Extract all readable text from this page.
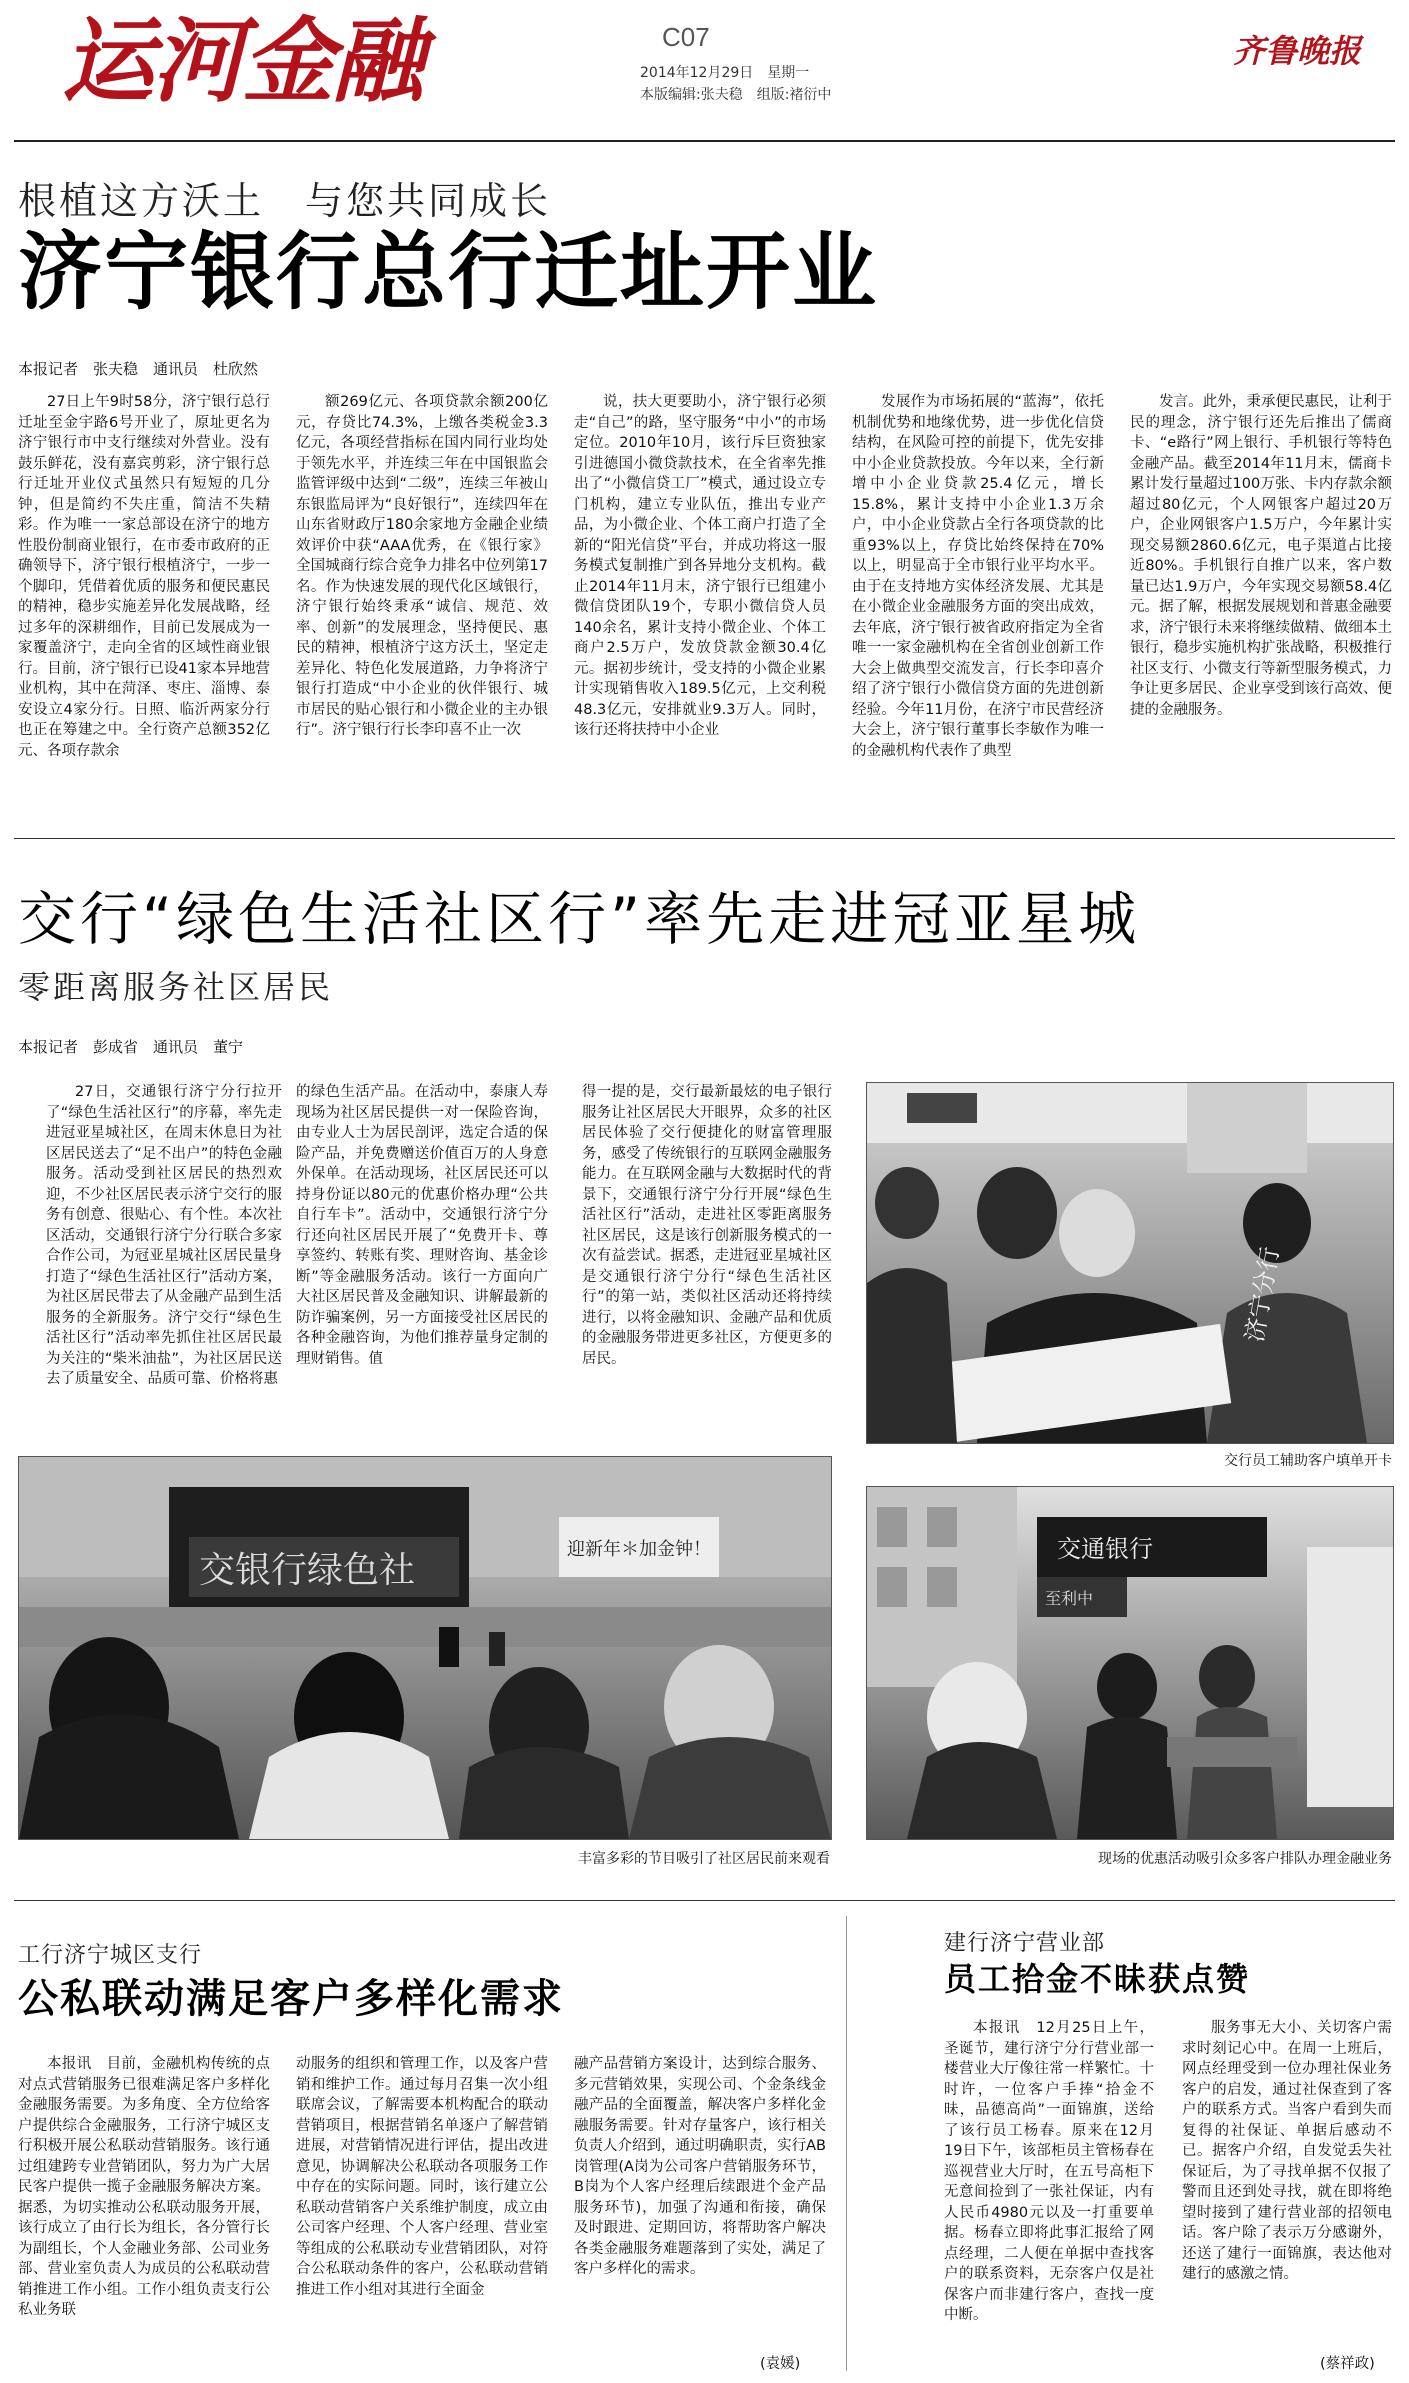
运河金融	C07
2014年12月29日　星期一
本版编辑:张夫稳　组版:褚衍中
齐鲁晚报
根植这方沃土　与您共同成长
济宁银行总行迁址开业
本报记者　张夫稳　通讯员　杜欣然

27日上午9时58分，济宁银行总行迁址至金宇路6号开业了，原址更名为济宁银行市中支行继续对外营业。没有鼓乐鲜花，没有嘉宾剪彩，济宁银行总行迁址开业仪式虽然只有短短的几分钟，但是简约不失庄重，简洁不失精彩。作为唯一一家总部设在济宁的地方性股份制商业银行，在市委市政府的正确领导下，济宁银行根植济宁，一步一个脚印，凭借着优质的服务和便民惠民的精神，稳步实施差异化发展战略，经过多年的深耕细作，目前已发展成为一家覆盖济宁，走向全省的区域性商业银行。目前，济宁银行已设41家本异地营业机构，其中在菏泽、枣庄、淄博、泰安设立4家分行。日照、临沂两家分行也正在筹建之中。全行资产总额352亿元、各项存款余

额269亿元、各项贷款余额200亿元，存贷比74.3%，上缴各类税金3.3亿元，各项经营指标在国内同行业均处于领先水平，并连续三年在中国银监会监管评级中达到“二级”，连续三年被山东银监局评为“良好银行”，连续四年在山东省财政厅180余家地方金融企业绩效评价中获“AAA优秀，在《银行家》全国城商行综合竞争力排名中位列第17名。作为快速发展的现代化区域银行，济宁银行始终秉承“诚信、规范、效率、创新”的发展理念，坚持便民、惠民的精神，根植济宁这方沃土，坚定走差异化、特色化发展道路，力争将济宁银行打造成“中小企业的伙伴银行、城市居民的贴心银行和小微企业的主办银行”。济宁银行行长李印喜不止一次

说，扶大更要助小，济宁银行必须走“自己”的路，坚守服务“中小”的市场定位。2010年10月，该行斥巨资独家引进德国小微贷款技术，在全省率先推出了“小微信贷工厂”模式，通过设立专门机构，建立专业队伍，推出专业产品，为小微企业、个体工商户打造了全新的“阳光信贷”平台，并成功将这一服务模式复制推广到各异地分支机构。截止2014年11月末，济宁银行已组建小微信贷团队19个，专职小微信贷人员140余名，累计支持小微企业、个体工商户2.5万户，发放贷款金额30.4亿元。据初步统计，受支持的小微企业累计实现销售收入189.5亿元，上交利税48.3亿元，安排就业9.3万人。同时，该行还将扶持中小企业

发展作为市场拓展的“蓝海”，依托机制优势和地缘优势，进一步优化信贷结构，在风险可控的前提下，优先安排中小企业贷款投放。今年以来，全行新增中小企业贷款25.4亿元，增长15.8%，累计支持中小企业1.3万余户，中小企业贷款占全行各项贷款的比重93%以上，存贷比始终保持在70%以上，明显高于全市银行业平均水平。由于在支持地方实体经济发展、尤其是在小微企业金融服务方面的突出成效，去年底，济宁银行被省政府指定为全省唯一一家金融机构在全省创业创新工作大会上做典型交流发言，行长李印喜介绍了济宁银行小微信贷方面的先进创新经验。今年11月份，在济宁市民营经济大会上，济宁银行董事长李敏作为唯一的金融机构代表作了典型

发言。此外，秉承便民惠民，让利于民的理念，济宁银行还先后推出了儒商卡、“e路行”网上银行、手机银行等特色金融产品。截至2014年11月末，儒商卡累计发行量超过100万张、卡内存款余额超过80亿元，个人网银客户超过20万户，企业网银客户1.5万户，今年累计实现交易额2860.6亿元，电子渠道占比接近80%。手机银行自推广以来，客户数量已达1.9万户，今年实现交易额58.4亿元。据了解，根据发展规划和普惠金融要求，济宁银行未来将继续做精、做细本土银行，稳步实施机构扩张战略，积极推行社区支行、小微支行等新型服务模式，力争让更多居民、企业享受到该行高效、便捷的金融服务。

交行“绿色生活社区行”率先走进冠亚星城
零距离服务社区居民
本报记者　彭成省　通讯员　董宁

27日，交通银行济宁分行拉开了“绿色生活社区行”的序幕，率先走进冠亚星城社区，在周末休息日为社区居民送去了“足不出户”的特色金融服务。活动受到社区居民的热烈欢迎，不少社区居民表示济宁交行的服务有创意、很贴心、有个性。本次社区活动，交通银行济宁分行联合多家合作公司，为冠亚星城社区居民量身打造了“绿色生活社区行”活动方案，为社区居民带去了从金融产品到生活服务的全新服务。济宁交行“绿色生活社区行”活动率先抓住社区居民最为关注的“柴米油盐”，为社区居民送去了质量安全、品质可靠、价格将惠

的绿色生活产品。在活动中，泰康人寿现场为社区居民提供一对一保险咨询，由专业人士为居民剖评，选定合适的保险产品，并免费赠送价值百万的人身意外保单。在活动现场，社区居民还可以持身份证以80元的优惠价格办理“公共自行车卡”。活动中，交通银行济宁分行还向社区居民开展了“免费开卡、尊享签约、转账有奖、理财咨询、基金诊断”等金融服务活动。该行一方面向广大社区居民普及金融知识、讲解最新的防诈骗案例，另一方面接受社区居民的各种金融咨询，为他们推荐量身定制的理财销售。值

得一提的是，交行最新最炫的电子银行服务让社区居民大开眼界，众多的社区居民体验了交行便捷化的财富管理服务，感受了传统银行的互联网金融服务能力。在互联网金融与大数据时代的背景下，交通银行济宁分行开展“绿色生活社区行”活动，走进社区零距离服务社区居民，这是该行创新服务模式的一次有益尝试。据悉，走进冠亚星城社区是交通银行济宁分行“绿色生活社区行”的第一站，类似社区活动还将持续进行，以将金融知识、金融产品和优质的金融服务带进更多社区，方便更多的居民。

济宁分行
交行员工辅助客户填单开卡
交银行绿色社
迎新年＊加金钟！
丰富多彩的节目吸引了社区居民前来观看
交通银行
至利中
现场的优惠活动吸引众多客户排队办理金融业务
工行济宁城区支行
公私联动满足客户多样化需求

本报讯　目前，金融机构传统的点对点式营销服务已很难满足客户多样化金融服务需要。为多角度、全方位给客户提供综合金融服务，工行济宁城区支行积极开展公私联动营销服务。该行通过组建跨专业营销团队，努力为广大居民客户提供一揽子金融服务解决方案。据悉，为切实推动公私联动服务开展，该行成立了由行长为组长，各分管行长为副组长，个人金融业务部、公司业务部、营业室负责人为成员的公私联动营销推进工作小组。工作小组负责支行公私业务联

动服务的组织和管理工作，以及客户营销和维护工作。通过每月召集一次小组联席会议，了解需要本机构配合的联动营销项目，根据营销名单逐户了解营销进展，对营销情况进行评估，提出改进意见，协调解决公私联动各项服务工作中存在的实际问题。同时，该行建立公私联动营销客户关系维护制度，成立由公司客户经理、个人客户经理、营业室等组成的公私联动专业营销团队，对符合公私联动条件的客户，公私联动营销推进工作小组对其进行全面金

融产品营销方案设计，达到综合服务、多元营销效果，实现公司、个金条线金融产品的全面覆盖，解决客户多样化金融服务需要。针对存量客户，该行相关负责人介绍到，通过明确职责，实行AB岗管理(A岗为公司客户营销服务环节，B岗为个人客户经理后续跟进个金产品服务环节)，加强了沟通和衔接，确保及时跟进、定期回访，将帮助客户解决各类金融服务难题落到了实处，满足了客户多样化的需求。

(袁媛)
建行济宁营业部
员工拾金不昧获点赞

本报讯　12月25日上午，圣诞节，建行济宁分行营业部一楼营业大厅像往常一样繁忙。十时许，一位客户手捧“拾金不昧，品德高尚”一面锦旗，送给了该行员工杨春。原来在12月19日下午，该部柜员主管杨春在巡视营业大厅时，在五号高柜下无意间捡到了一张社保证，内有人民币4980元以及一打重要单据。杨春立即将此事汇报给了网点经理，二人便在单据中查找客户的联系资料，无奈客户仅是社保客户而非建行客户，查找一度中断。

服务事无大小、关切客户需求时刻记心中。在周一上班后，网点经理受到一位办理社保业务客户的启发，通过社保查到了客户的联系方式。当客户看到失而复得的社保证、单据后感动不已。据客户介绍，自发觉丢失社保证后，为了寻找单据不仅报了警而且还到处寻找，就在即将绝望时接到了建行营业部的招领电话。客户除了表示万分感谢外，还送了建行一面锦旗，表达他对建行的感激之情。

(蔡祥政)
